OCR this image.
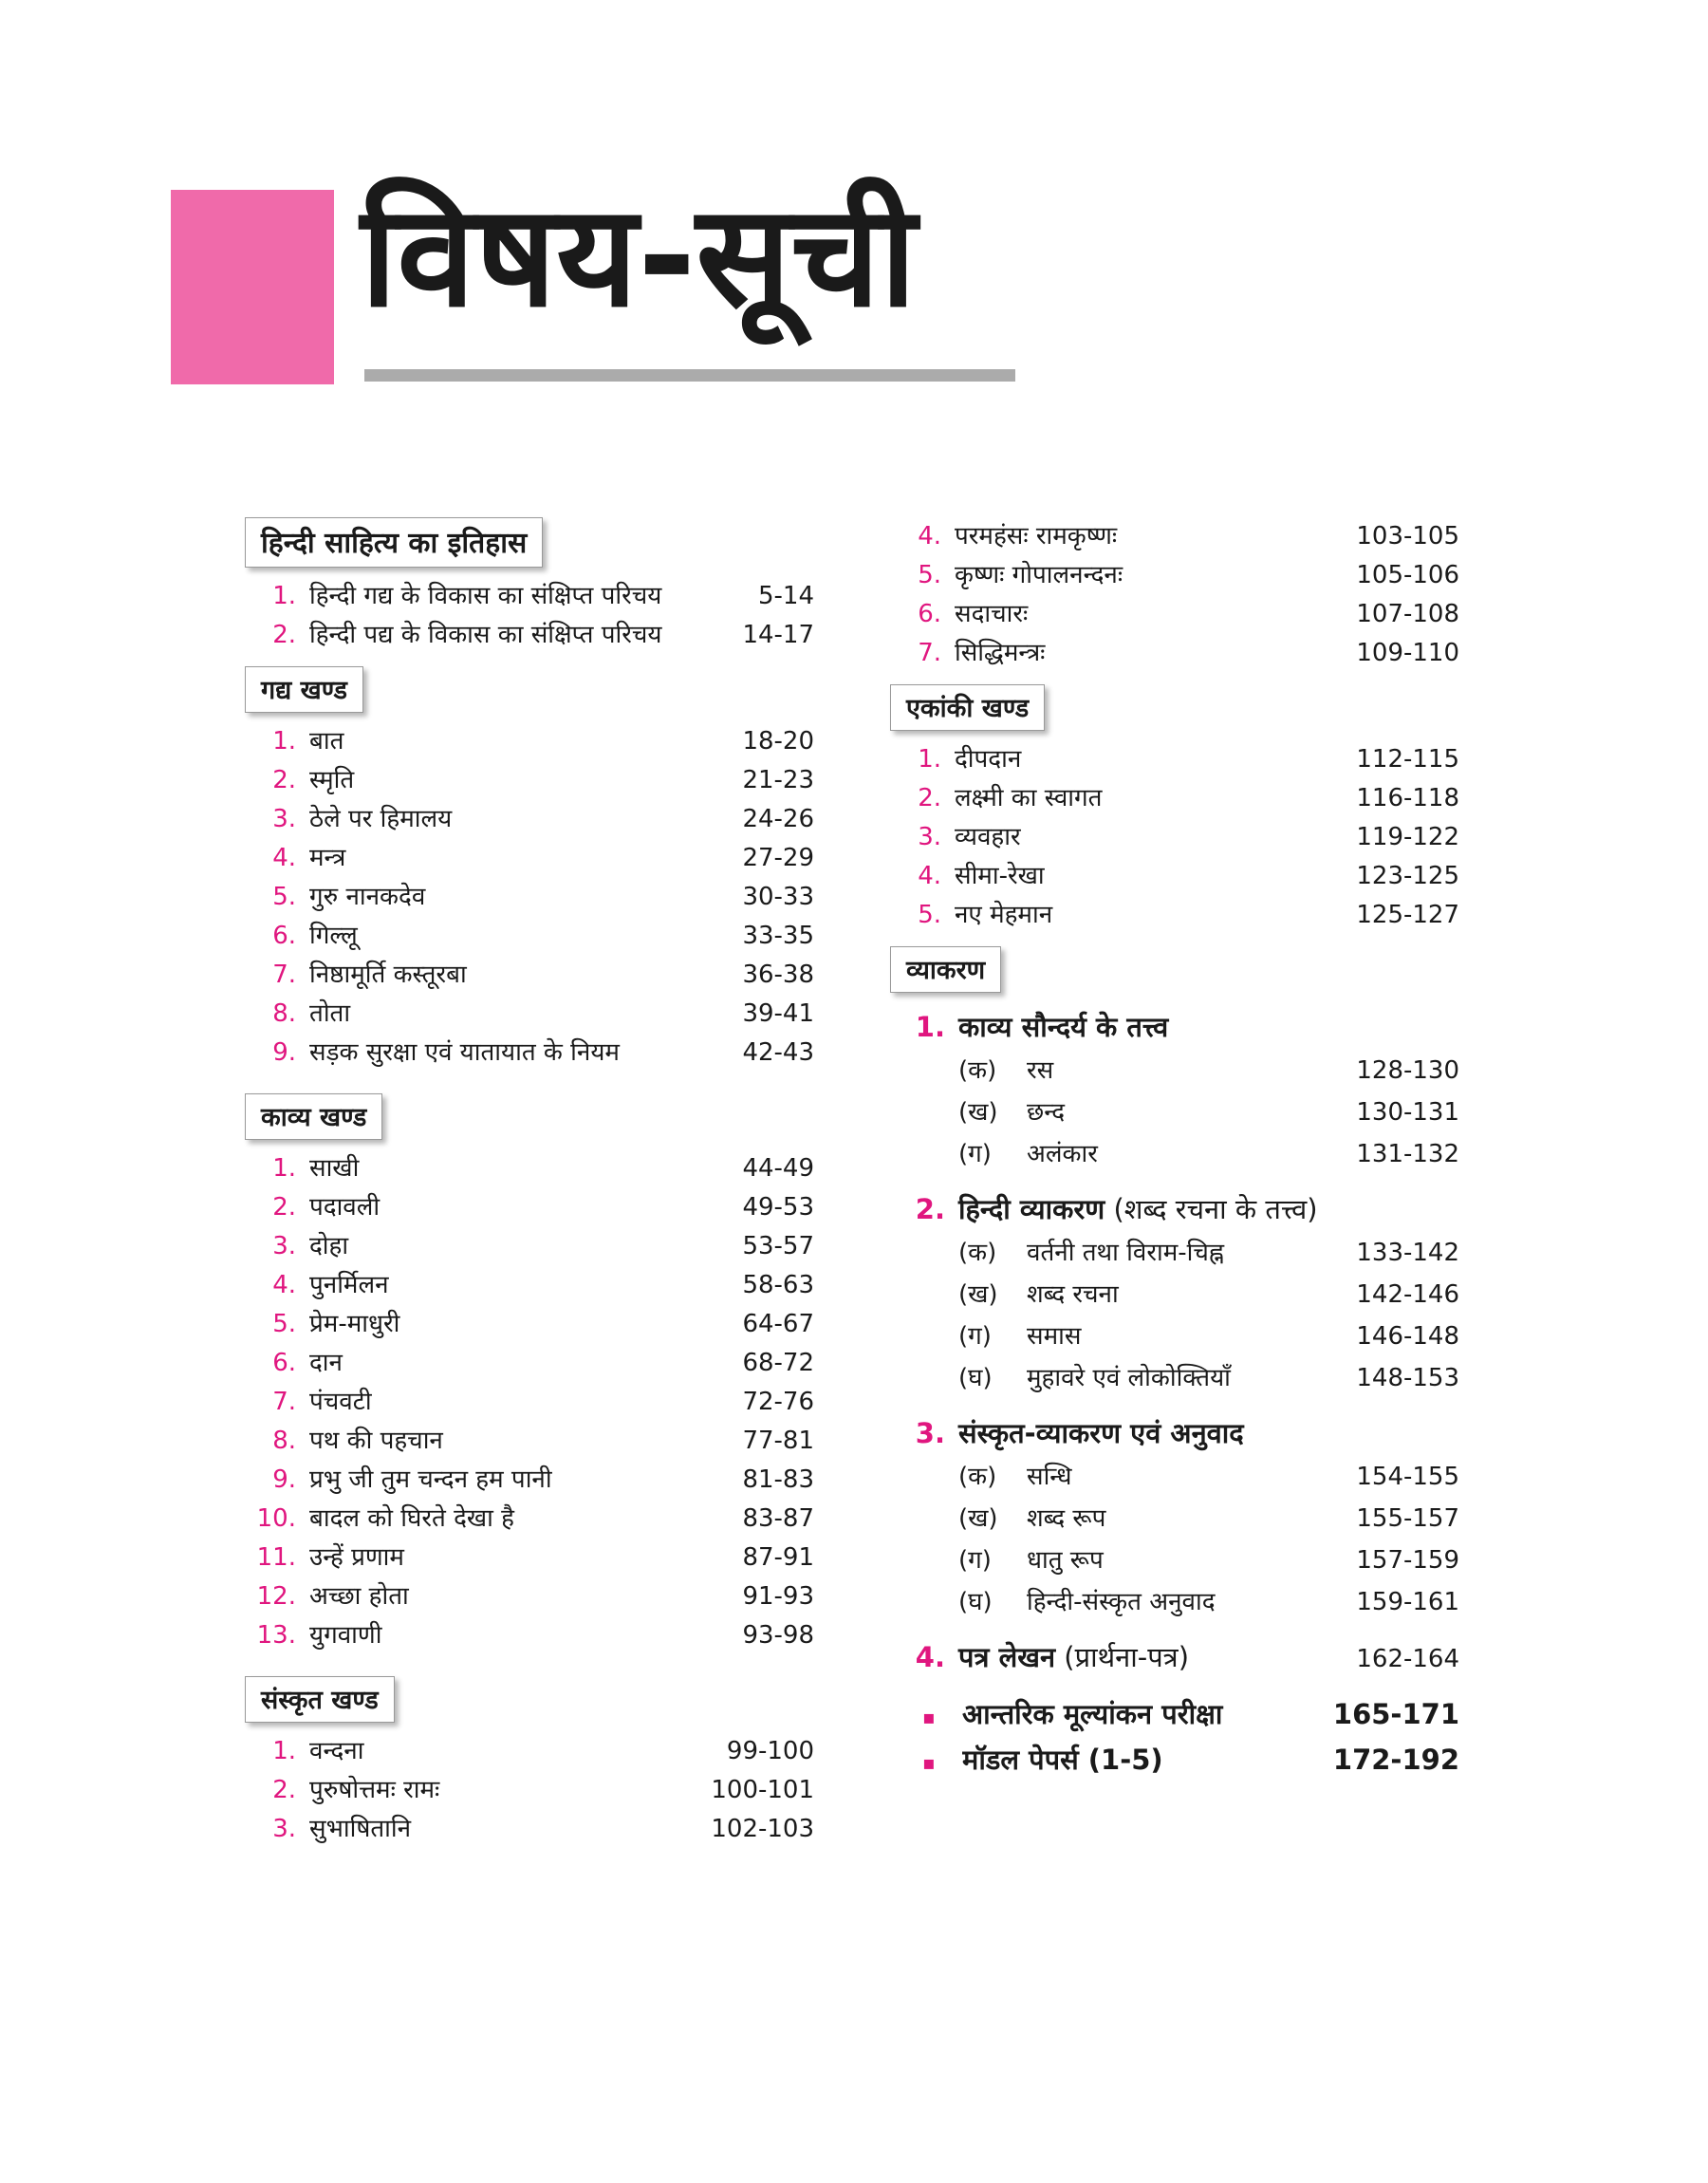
विषय-सूची
हिन्दी साहित्य का इतिहास
1. हिन्दी गद्य के विकास का संक्षिप्त परिचय	5-14
2. हिन्दी पद्य के विकास का संक्षिप्त परिचय	14-17
गद्य खण्ड
1. बात	18-20
2. स्मृति	21-23
3. ठेले पर हिमालय	24-26
4. मन्त्र	27-29
5. गुरु नानकदेव	30-33
6. गिल्लू	33-35
7. निष्ठामूर्ति कस्तूरबा	36-38
8. तोता	39-41
9. सड़क सुरक्षा एवं यातायात के नियम	42-43
काव्य खण्ड
1. साखी	44-49
2. पदावली	49-53
3. दोहा	53-57
4. पुनर्मिलन	58-63
5. प्रेम-माधुरी	64-67
6. दान	68-72
7. पंचवटी	72-76
8. पथ की पहचान	77-81
9. प्रभु जी तुम चन्दन हम पानी	81-83
10. बादल को घिरते देखा है	83-87
11. उन्हें प्रणाम	87-91
12. अच्छा होता	91-93
13. युगवाणी	93-98
संस्कृत खण्ड
1. वन्दना	99-100
2. पुरुषोत्तमः रामः	100-101
3. सुभाषितानि	102-103
4. परमहंसः रामकृष्णः	103-105
5. कृष्णः गोपालनन्दनः	105-106
6. सदाचारः	107-108
7. सिद्धिमन्त्रः	109-110
एकांकी खण्ड
1. दीपदान	112-115
2. लक्ष्मी का स्वागत	116-118
3. व्यवहार	119-122
4. सीमा-रेखा	123-125
5. नए मेहमान	125-127
व्याकरण
1. काव्य सौन्दर्य के तत्त्व
(क)	रस	128-130
(ख)	छन्द	130-131
(ग)	अलंकार	131-132
2. हिन्दी व्याकरण (शब्द रचना के तत्त्व)
(क)	वर्तनी तथा विराम-चिह्न	133-142
(ख)	शब्द रचना	142-146
(ग)	समास	146-148
(घ)	मुहावरे एवं लोकोक्तियाँ	148-153
3. संस्कृत-व्याकरण एवं अनुवाद
(क)	सन्धि	154-155
(ख)	शब्द रूप	155-157
(ग)	धातु रूप	157-159
(घ)	हिन्दी-संस्कृत अनुवाद	159-161
4. पत्र लेखन (प्रार्थना-पत्र)	162-164
▪ आन्तरिक मूल्यांकन परीक्षा	165-171
▪ मॉडल पेपर्स (1-5)	172-192
